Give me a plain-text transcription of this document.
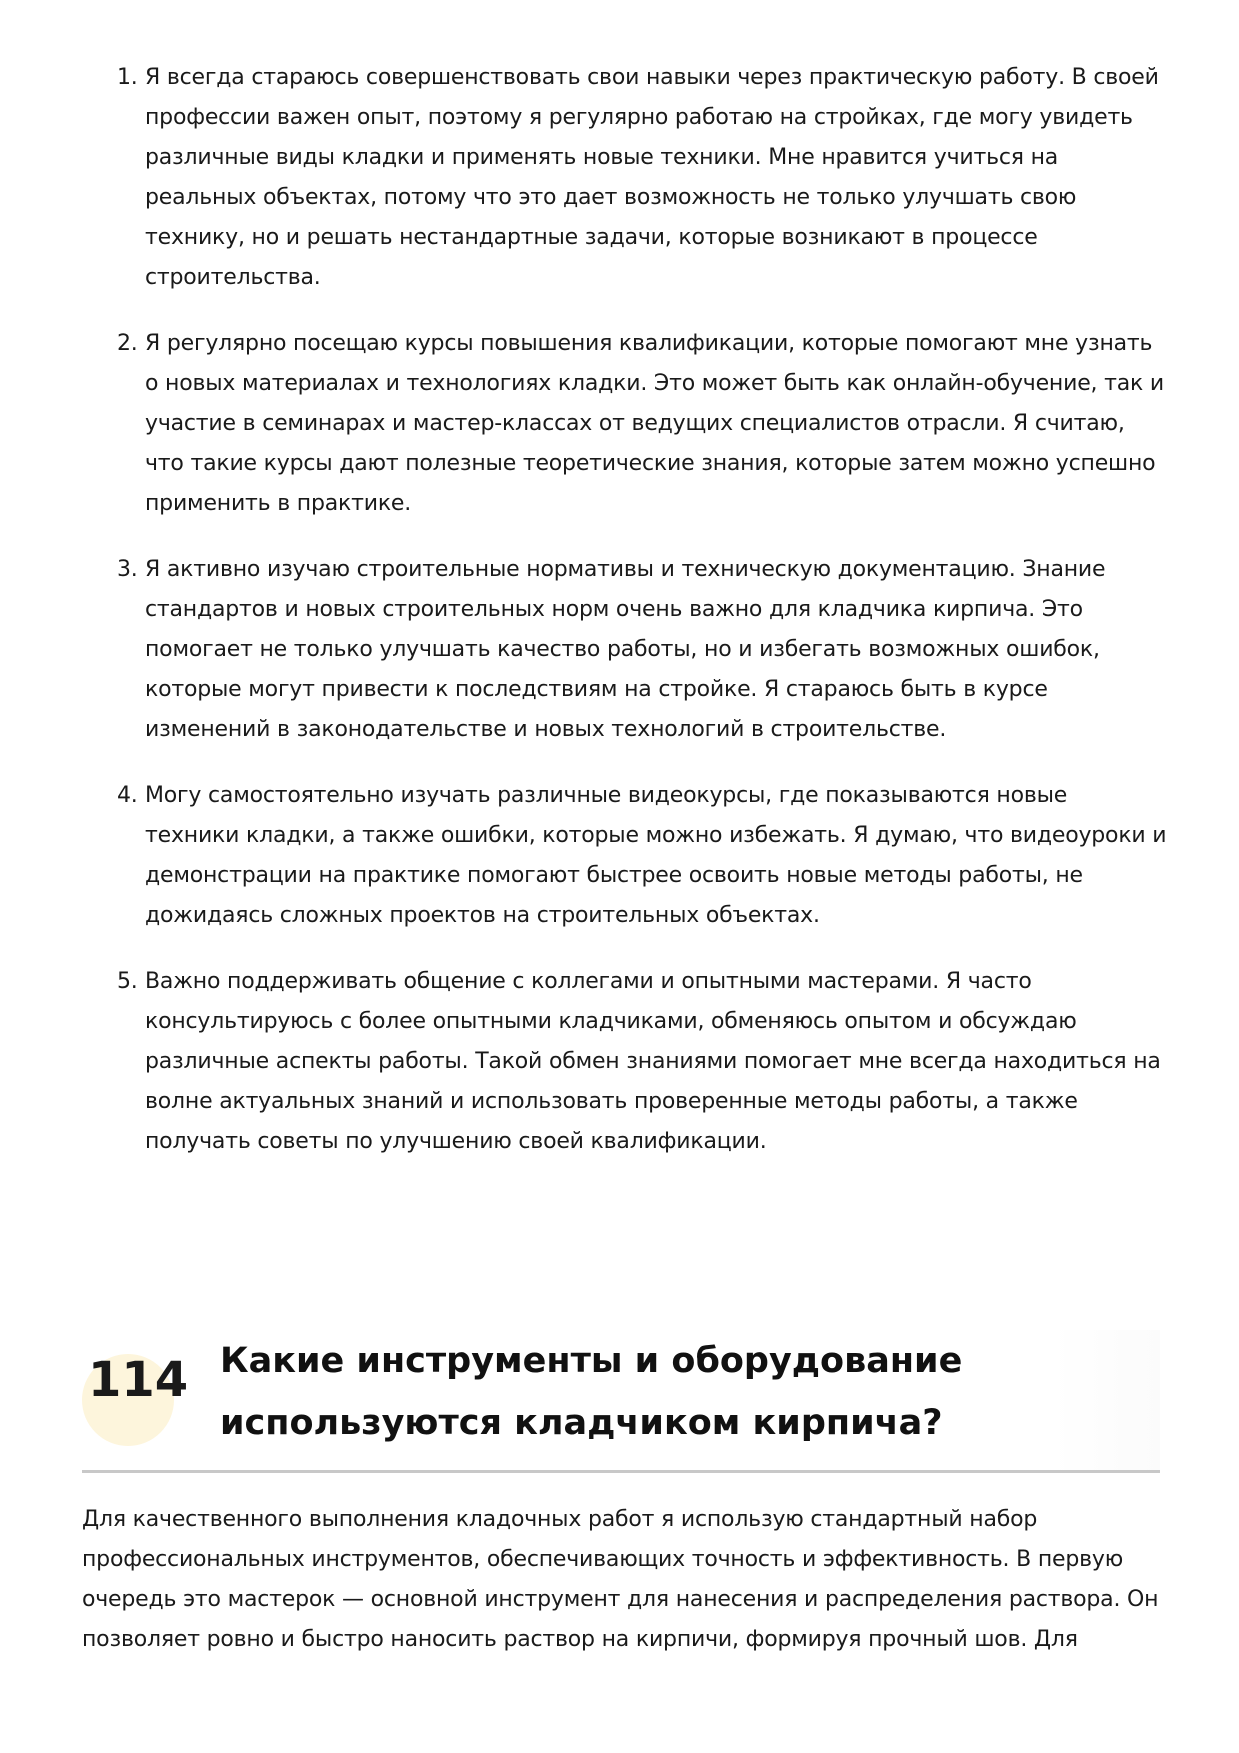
1. Я всегда стараюсь совершенствовать свои навыки через практическую работу. В своей профессии важен опыт, поэтому я регулярно работаю на стройках, где могу увидеть различные виды кладки и применять новые техники. Мне нравится учиться на реальных объектах, потому что это дает возможность не только улучшать свою технику, но и решать нестандартные задачи, которые возникают в процессе строительства.
2. Я регулярно посещаю курсы повышения квалификации, которые помогают мне узнать о новых материалах и технологиях кладки. Это может быть как онлайн-обучение, так и участие в семинарах и мастер-классах от ведущих специалистов отрасли. Я считаю, что такие курсы дают полезные теоретические знания, которые затем можно успешно применить в практике.
3. Я активно изучаю строительные нормативы и техническую документацию. Знание стандартов и новых строительных норм очень важно для кладчика кирпича. Это помогает не только улучшать качество работы, но и избегать возможных ошибок, которые могут привести к последствиям на стройке. Я стараюсь быть в курсе изменений в законодательстве и новых технологий в строительстве.
4. Могу самостоятельно изучать различные видеокурсы, где показываются новые техники кладки, а также ошибки, которые можно избежать. Я думаю, что видеоуроки и демонстрации на практике помогают быстрее освоить новые методы работы, не дожидаясь сложных проектов на строительных объектах.
5. Важно поддерживать общение с коллегами и опытными мастерами. Я часто консультируюсь с более опытными кладчиками, обменяюсь опытом и обсуждаю различные аспекты работы. Такой обмен знаниями помогает мне всегда находиться на волне актуальных знаний и использовать проверенные методы работы, а также получать советы по улучшению своей квалификации.
114 Какие инструменты и оборудование используются кладчиком кирпича?

Для качественного выполнения кладочных работ я использую стандартный набор профессиональных инструментов, обеспечивающих точность и эффективность. В первую очередь это мастерок — основной инструмент для нанесения и распределения раствора. Он позволяет ровно и быстро наносить раствор на кирпичи, формируя прочный шов. Для
